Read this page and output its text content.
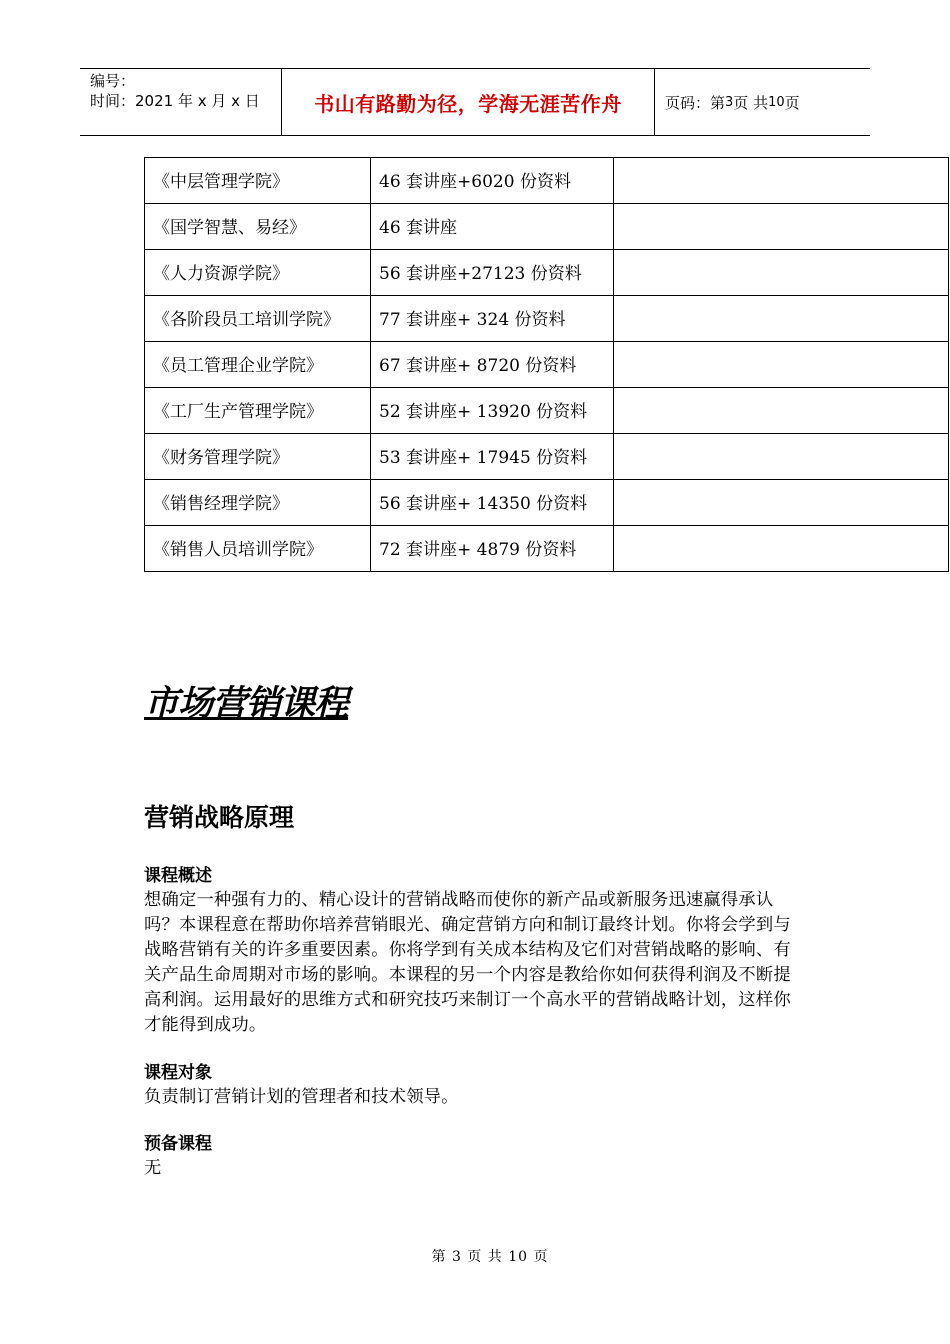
编号：
时间：2021 年 x 月 x 日	书山有路勤为径，学海无涯苦作舟	页码：第 3 页 共 10 页
《中层管理学院》	46 套讲座+6020 份资料	
《国学智慧、易经》	46 套讲座	
《人力资源学院》	56 套讲座+27123 份资料	
《各阶段员工培训学院》	77 套讲座+ 324 份资料	
《员工管理企业学院》	67 套讲座+ 8720 份资料	
《工厂生产管理学院》	52 套讲座+ 13920 份资料	
《财务管理学院》	53 套讲座+ 17945 份资料	
《销售经理学院》	56 套讲座+ 14350 份资料	
《销售人员培训学院》	72 套讲座+ 4879 份资料	
市场营销课程
营销战略原理
课程概述
想确定一种强有力的、精心设计的营销战略而使你的新产品或新服务迅速赢得承认吗？本课程意在帮助你培养营销眼光、确定营销方向和制订最终计划。你将会学到与战略营销有关的许多重要因素。你将学到有关成本结构及它们对营销战略的影响、有关产品生命周期对市场的影响。本课程的另一个内容是教给你如何获得利润及不断提高利润。运用最好的思维方式和研究技巧来制订一个高水平的营销战略计划，这样你才能得到成功。
课程对象
负责制订营销计划的管理者和技术领导。
预备课程
无
第 3 页 共 10 页
